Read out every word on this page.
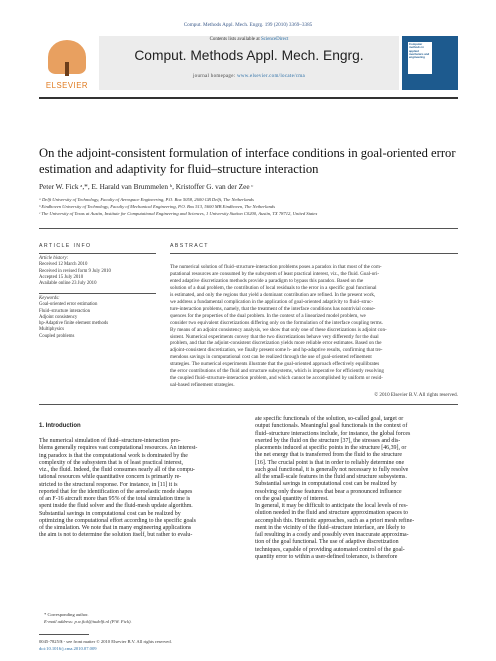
Comput. Methods Appl. Mech. Engrg. 199 (2010) 3369–3385
ELSEVIER
Contents lists available at ScienceDirect
Comput. Methods Appl. Mech. Engrg.
journal homepage: www.elsevier.com/locate/cma
Computer methods in applied mechanics and engineering
On the adjoint-consistent formulation of interface conditions in goal-oriented error estimation and adaptivity for fluid–structure interaction
Peter W. Fick ᵃ,*, E. Harald van Brummelen ᵇ, Kristoffer G. van der Zee ᶜ
ᵃ Delft University of Technology, Faculty of Aerospace Engineering, P.O. Box 5058, 2600 GB Delft, The Netherlands
ᵇ Eindhoven University of Technology, Faculty of Mechanical Engineering, P.O. Box 513, 5600 MB Eindhoven, The Netherlands
ᶜ The University of Texas at Austin, Institute for Computational Engineering and Sciences, 1 University Station C0200, Austin, TX 78712, United States
ARTICLE INFO
Article history:
Received 12 March 2010
Received in revised form 9 July 2010
Accepted 15 July 2010
Available online 23 July 2010
Keywords:
Goal-oriented error estimation
Fluid–structure interaction
Adjoint consistency
hp-Adaptive finite element methods
Multiphysics
Coupled problems
ABSTRACT
The numerical solution of fluid–structure-interaction problems poses a paradox in that most of the com-
putational resources are consumed by the subsystem of least practical interest, viz., the fluid. Goal-ori-
ented adaptive discretization methods provide a paradigm to bypass this paradox. Based on the
solution of a dual problem, the contribution of local residuals to the error in a specific goal functional
is estimated, and only the regions that yield a dominant contribution are refined. In the present work,
we address a fundamental complication in the application of goal-oriented adaptivity to fluid–struc-
ture-interaction problems, namely, that the treatment of the interface conditions has nontrivial conse-
quences for the properties of the dual problem. In the context of a linearized model problem, we
consider two equivalent discretizations differing only on the formulation of the interface coupling terms.
By means of an adjoint consistency analysis, we show that only one of these discretizations is adjoint con-
sistent. Numerical experiments convey that the two discretizations behave very differently for the dual
problem, and that the adjoint-consistent discretization yields more reliable error estimates. Based on the
adjoint-consistent discretization, we finally present some h- and hp-adaptive results, confirming that tre-
mendous savings in computational cost can be realized through the use of goal-oriented refinement
strategies. The numerical experiments illustrate that the goal-oriented approach effectively equilibrates
the error contributions of the fluid and structure subsystems, which is imperative for efficiently resolving
the coupled fluid–structure-interaction problem, and which cannot be accomplished by uniform or resid-
ual-based refinement strategies.
© 2010 Elsevier B.V. All rights reserved.
1. Introduction
The numerical simulation of fluid–structure-interaction pro-
blems generally requires vast computational resources. An interest-
ing paradox is that the computational work is dominated by the
complexity of the subsystem that is of least practical interest,
viz., the fluid. Indeed, the fluid consumes nearly all of the compu-
tational resources while quantitative concern is primarily re-
stricted to the structural response. For instance, in [11] it is
reported that for the identification of the aeroelastic mode shapes
of an F-16 aircraft more than 95% of the total simulation time is
spent inside the fluid solver and the fluid-mesh update algorithm.
Substantial savings in computational cost can be realized by
optimizing the computational effort according to the specific goals
of the simulation. We note that in many engineering applications
the aim is not to determine the solution itself, but rather to evalu-
ate specific functionals of the solution, so-called goal, target or
output functionals. Meaningful goal functionals in the context of
fluid–structure interactions include, for instance, the global forces
exerted by the fluid on the structure [37], the stresses and dis-
placements induced at specific points in the structure [46,39], or
the net energy that is transferred from the fluid to the structure
[16]. The crucial point is that in order to reliably determine one
such goal functional, it is generally not necessary to fully resolve
all the small-scale features in the fluid and structure subsystems.
Substantial savings in computational cost can be realized by
resolving only those features that bear a pronounced influence
on the goal quantity of interest.
In general, it may be difficult to anticipate the local levels of res-
olution needed in the fluid and structure approximation spaces to
accomplish this. Heuristic approaches, such as a priori mesh refine-
ment in the vicinity of the fluid–structure interface, are likely to
fail resulting in a costly and possibly even inaccurate approxima-
tion of the goal functional. The use of adaptive discretization
techniques, capable of providing automated control of the goal-
quantity error to within a user-defined tolerance, is therefore
* Corresponding author.
E-mail address: p.w.fick@tudelft.nl (P.W. Fick).
0045-7825/$ - see front matter © 2010 Elsevier B.V. All rights reserved.
doi:10.1016/j.cma.2010.07.009
